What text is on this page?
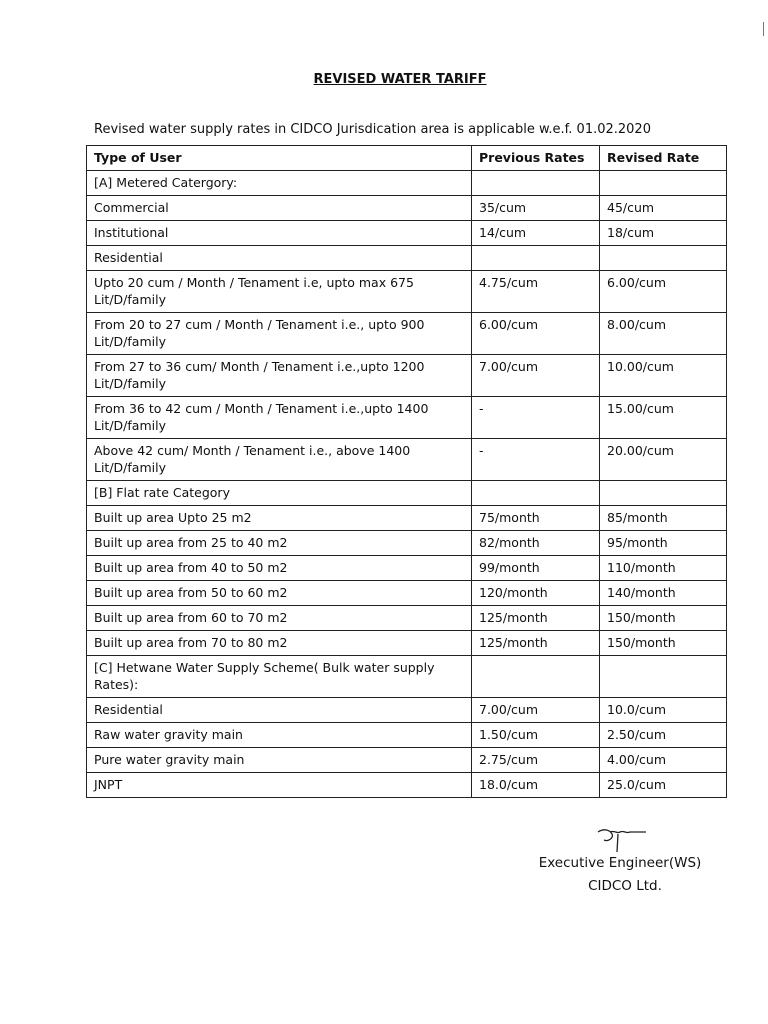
REVISED WATER TARIFF
Revised water supply rates in CIDCO Jurisdication area is applicable w.e.f. 01.02.2020
Type of User	Previous Rates	Revised Rate
[A] Metered Catergory:		
Commercial	35/cum	45/cum
Institutional	14/cum	18/cum
Residential		
Upto 20 cum / Month / Tenament i.e, upto max 675 Lit/D/family	4.75/cum	6.00/cum
From 20 to 27 cum / Month / Tenament i.e., upto 900 Lit/D/family	6.00/cum	8.00/cum
From 27 to 36 cum/ Month / Tenament i.e.,upto 1200 Lit/D/family	7.00/cum	10.00/cum
From 36 to 42 cum / Month / Tenament i.e.,upto 1400 Lit/D/family	-	15.00/cum
Above 42 cum/ Month / Tenament i.e., above 1400 Lit/D/family	-	20.00/cum
[B] Flat rate Category		
Built up area Upto 25 m2	75/month	85/month
Built up area from 25 to 40 m2	82/month	95/month
Built up area from 40 to 50 m2	99/month	110/month
Built up area from 50 to 60 m2	120/month	140/month
Built up area from 60 to 70 m2	125/month	150/month
Built up area from 70 to 80 m2	125/month	150/month
[C] Hetwane Water Supply Scheme( Bulk water supply Rates):		
Residential	7.00/cum	10.0/cum
Raw water gravity main	1.50/cum	2.50/cum
Pure water gravity main	2.75/cum	4.00/cum
JNPT	18.0/cum	25.0/cum
Executive Engineer(WS)
CIDCO Ltd.
